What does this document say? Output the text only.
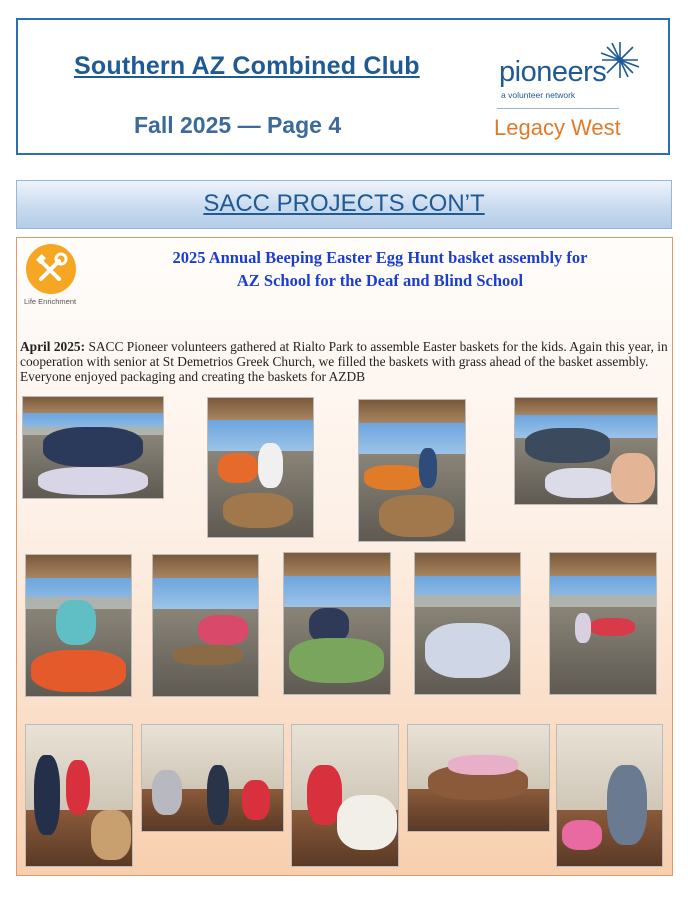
Southern AZ Combined Club
Fall 2025 — Page 4
pioneers
a volunteer network
Legacy West
SACC PROJECTS CON’T
Life Enrichment
2025 Annual Beeping Easter Egg Hunt basket assembly for
AZ School for the Deaf and Blind School
April 2025: SACC Pioneer volunteers gathered at Rialto Park to assemble Easter baskets for the kids. Again this year, in cooperation with senior at St Demetrios Greek Church, we filled the baskets with grass ahead of the basket assembly. Everyone enjoyed packaging and creating the baskets for AZDB
